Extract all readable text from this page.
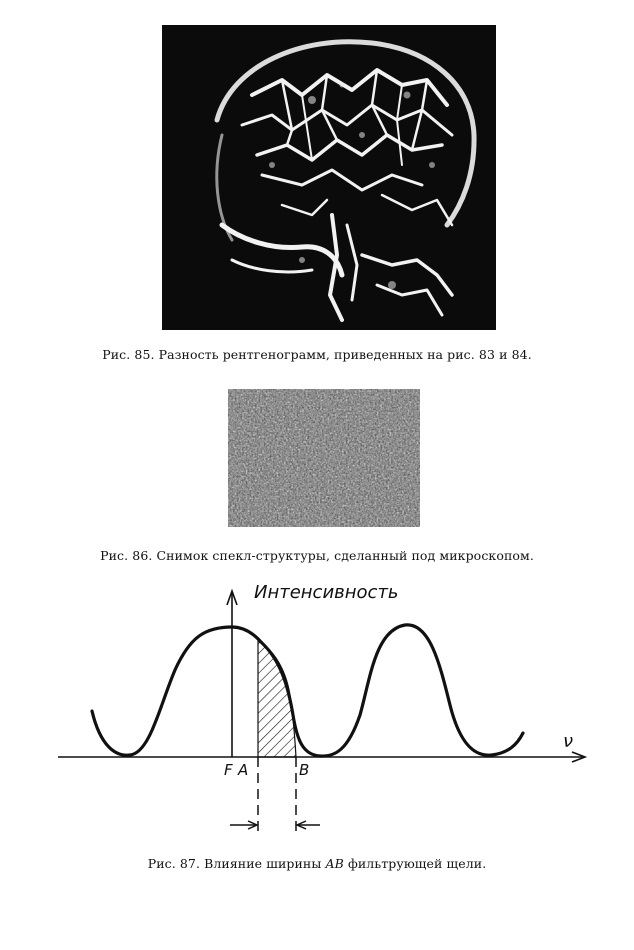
Рис. 85. Разность рентгенограмм, приведенных на рис. 83 и 84.
Рис. 86. Снимок спекл-структуры, сделанный под микроскопом.
Интенсивность
ν
F A	B
Рис. 87. Влияние ширины AB фильтрующей щели.
